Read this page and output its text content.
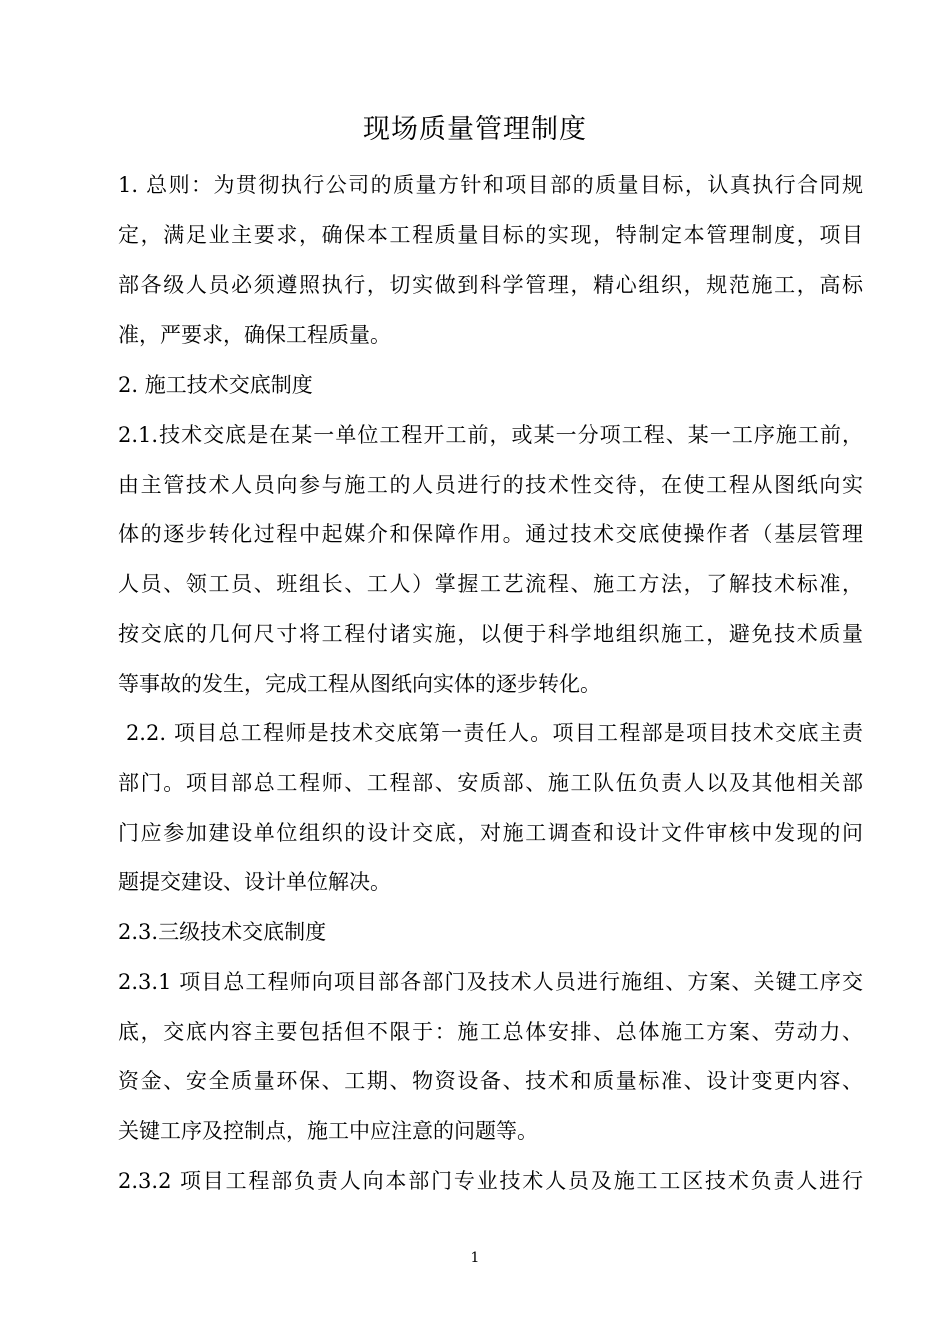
现场质量管理制度
1. 总则：为贯彻执行公司的质量方针和项目部的质量目标，认真执行合同规
定，满足业主要求，确保本工程质量目标的实现，特制定本管理制度，项目
部各级人员必须遵照执行，切实做到科学管理，精心组织，规范施工，高标
准，严要求，确保工程质量。
2. 施工技术交底制度
2.1.技术交底是在某一单位工程开工前，或某一分项工程、某一工序施工前，
由主管技术人员向参与施工的人员进行的技术性交待，在使工程从图纸向实
体的逐步转化过程中起媒介和保障作用。通过技术交底使操作者（基层管理
人员、领工员、班组长、工人）掌握工艺流程、施工方法，了解技术标准，
按交底的几何尺寸将工程付诸实施，以便于科学地组织施工，避免技术质量
等事故的发生，完成工程从图纸向实体的逐步转化。
2.2. 项目总工程师是技术交底第一责任人。项目工程部是项目技术交底主责
部门。项目部总工程师、工程部、安质部、施工队伍负责人以及其他相关部
门应参加建设单位组织的设计交底，对施工调查和设计文件审核中发现的问
题提交建设、设计单位解决。
2.3.三级技术交底制度
2.3.1 项目总工程师向项目部各部门及技术人员进行施组、方案、关键工序交
底，交底内容主要包括但不限于：施工总体安排、总体施工方案、劳动力、
资金、安全质量环保、工期、物资设备、技术和质量标准、设计变更内容、
关键工序及控制点，施工中应注意的问题等。
2.3.2 项目工程部负责人向本部门专业技术人员及施工工区技术负责人进行
1
